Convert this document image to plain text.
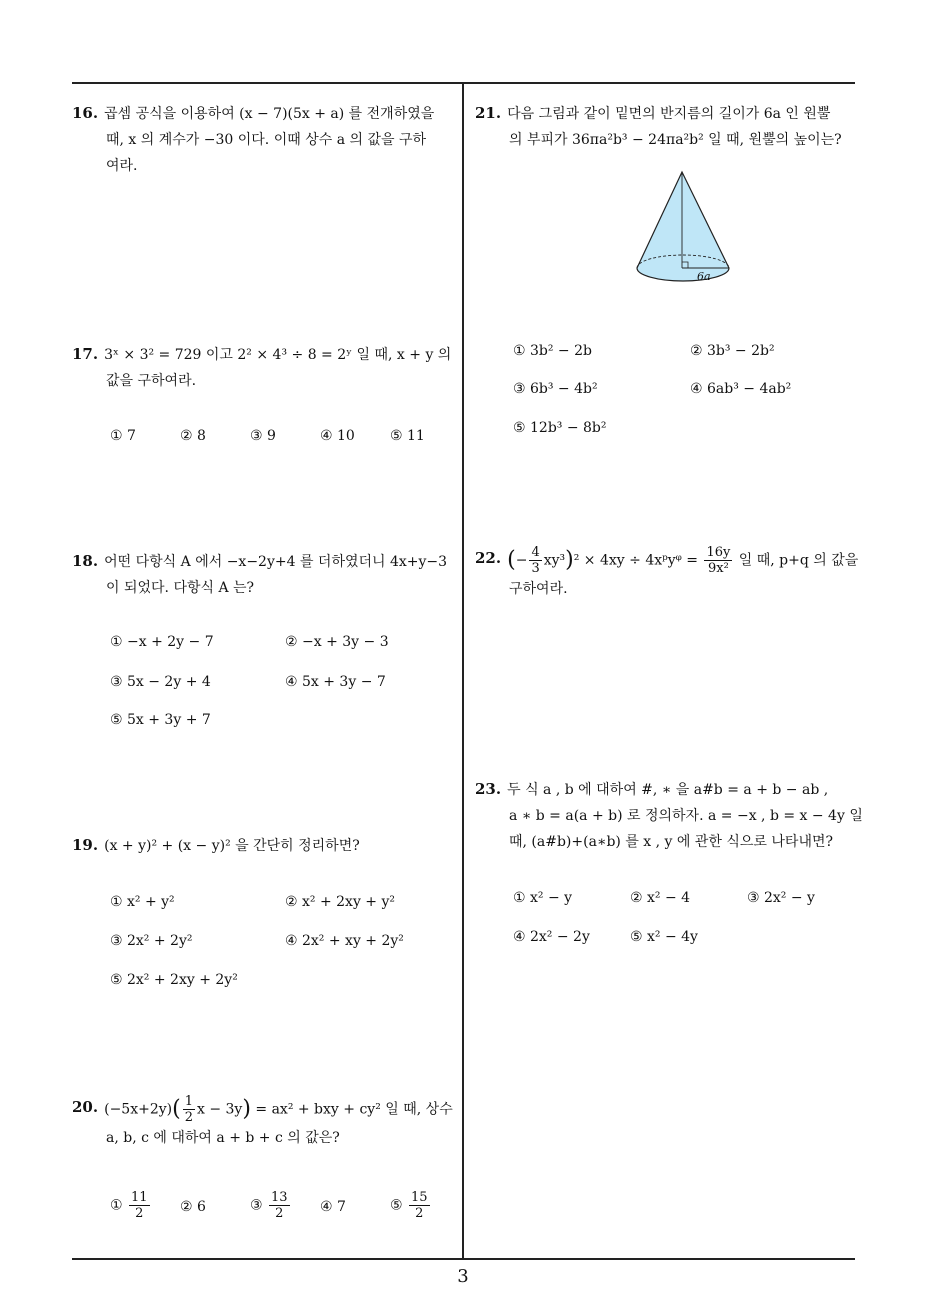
16. 곱셈 공식을 이용하여 (x − 7)(5x + a) 를 전개하였을
때, x 의 계수가 −30 이다. 이때 상수 a 의 값을 구하
여라.
17. 3ˣ × 3² = 729 이고 2² × 4³ ÷ 8 = 2ʸ 일 때, x + y 의
값을 구하여라.
① 7	② 8	③ 9	④ 10	⑤ 11
18. 어떤 다항식 A 에서 −x−2y+4 를 더하였더니 4x+y−3
이 되었다. 다항식 A 는?
① −x + 2y − 7	② −x + 3y − 3
③ 5x − 2y + 4	④ 5x + 3y − 7
⑤ 5x + 3y + 7
19. (x + y)² + (x − y)² 을 간단히 정리하면?
① x² + y²	② x² + 2xy + y²
③ 2x² + 2y²	④ 2x² + xy + 2y²
⑤ 2x² + 2xy + 2y²
20. $(-5x+2y)( \frac{1}{2}$ x − 3y) = ax² + bxy + cy² 일 때, 상수
a, b, c 에 대하여 a + b + c 의 값은?
① $\frac{11}{2}$ ② 6	③ $\frac{13}{2}$ ④ 7	⑤ $\frac{15}{2}$
21. 다음 그림과 같이 밑면의 반지름의 길이가 6a 인 원뿔
의 부피가 36πa²b³ − 24πa²b² 일 때, 원뿔의 높이는?
6a
① 3b² − 2b	② 3b³ − 2b²
③ 6b³ − 4b²	④ 6ab³ − 4ab²
⑤ 12b³ − 8b²
22. (− $\frac{4}{3} xy^3)^2 \times 4xy$ ÷ 4xᵖyᵠ = $\frac{16y}{\text{9x²}}$ 일 때, p+q 의 값을
구하여라.
23. 두 식 a , b 에 대하여 #, ∗ 을 a#b = a + b − ab ,
a ∗ b = a(a + b) 로 정의하자. a = −x , b = x − 4y 일
때, (a#b)+(a∗b) 를 x , y 에 관한 식으로 나타내면?
① x² − y	② x² − 4	③ 2x² − y
④ 2x² − 2y	⑤ x² − 4y
3
